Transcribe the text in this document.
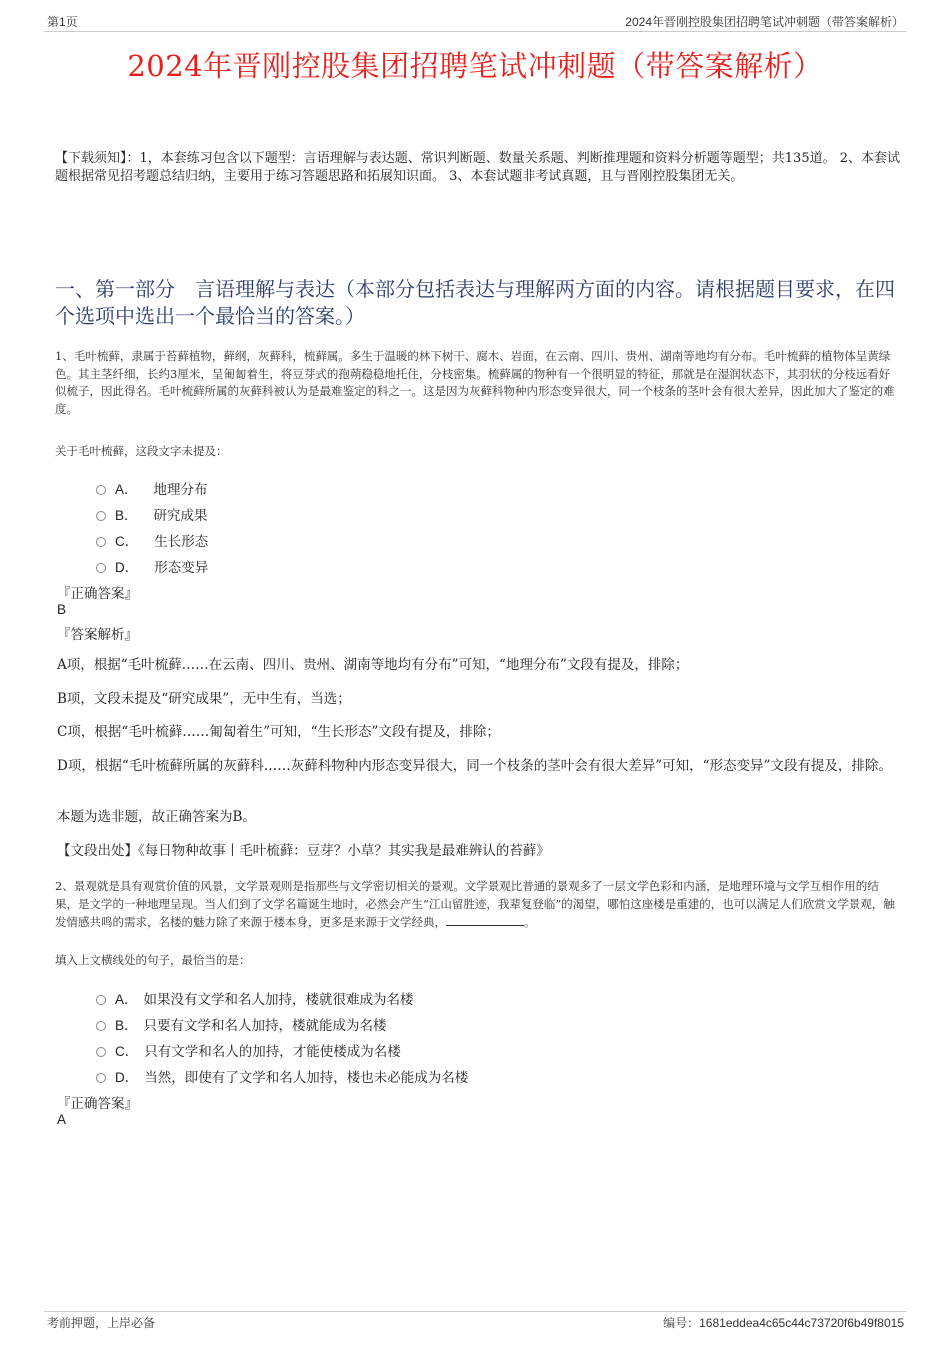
第1页	2024年晋刚控股集团招聘笔试冲刺题（带答案解析）
2024年晋刚控股集团招聘笔试冲刺题（带答案解析）
【下载须知】：1，本套练习包含以下题型：言语理解与表达题、常识判断题、数量关系题、判断推理题和资料分析题等题型；共135道。 2、本套试题根据常见招考题总结归纳，主要用于练习答题思路和拓展知识面。 3、本套试题非考试真题，且与晋刚控股集团无关。
一、第一部分　言语理解与表达（本部分包括表达与理解两方面的内容。请根据题目要求，在四个选项中选出一个最恰当的答案。）
1、毛叶梳藓，隶属于苔藓植物，藓纲，灰藓科，梳藓属。多生于温暖的林下树干、腐木、岩面，在云南、四川、贵州、湖南等地均有分布。毛叶梳藓的植物体呈黄绿色。其主茎纤细，长约3厘米，呈匍匐着生，将豆芽式的孢蒴稳稳地托住，分枝密集。梳藓属的物种有一个很明显的特征，那就是在湿润状态下，其羽状的分枝远看好似梳子，因此得名。毛叶梳藓所属的灰藓科被认为是最难鉴定的科之一。这是因为灰藓科物种内形态变异很大，同一个枝条的茎叶会有很大差异，因此加大了鉴定的难度。
关于毛叶梳藓，这段文字未提及：
A． 地理分布
B． 研究成果
C． 生长形态
D． 形态变异
『正确答案』
B
『答案解析』
A项，根据“毛叶梳藓……在云南、四川、贵州、湖南等地均有分布”可知，“地理分布”文段有提及，排除；
B项，文段未提及“研究成果”，无中生有，当选；
C项，根据“毛叶梳藓……匍匐着生”可知，“生长形态”文段有提及，排除；
D项，根据“毛叶梳藓所属的灰藓科……灰藓科物种内形态变异很大，同一个枝条的茎叶会有很大差异”可知，“形态变异”文段有提及，排除。
本题为选非题，故正确答案为B。
【文段出处】《每日物种故事丨毛叶梳藓：豆芽？小草？其实我是最难辨认的苔藓》
2、景观就是具有观赏价值的风景，文学景观则是指那些与文学密切相关的景观。文学景观比普通的景观多了一层文学色彩和内涵，是地理环境与文学互相作用的结果，是文学的一种地理呈现。当人们到了文学名篇诞生地时，必然会产生“江山留胜迹，我辈复登临”的渴望，哪怕这座楼是重建的，也可以满足人们欣赏文学景观，触发情感共鸣的需求，名楼的魅力除了来源于楼本身，更多是来源于文学经典，	。
填入上文横线处的句子，最恰当的是：
A． 如果没有文学和名人加持，楼就很难成为名楼
B． 只要有文学和名人加持，楼就能成为名楼
C． 只有文学和名人的加持，才能使楼成为名楼
D． 当然，即使有了文学和名人加持，楼也未必能成为名楼
『正确答案』
A
考前押题，上岸必备	编号：1681eddea4c65c44c73720f6b49f8015
